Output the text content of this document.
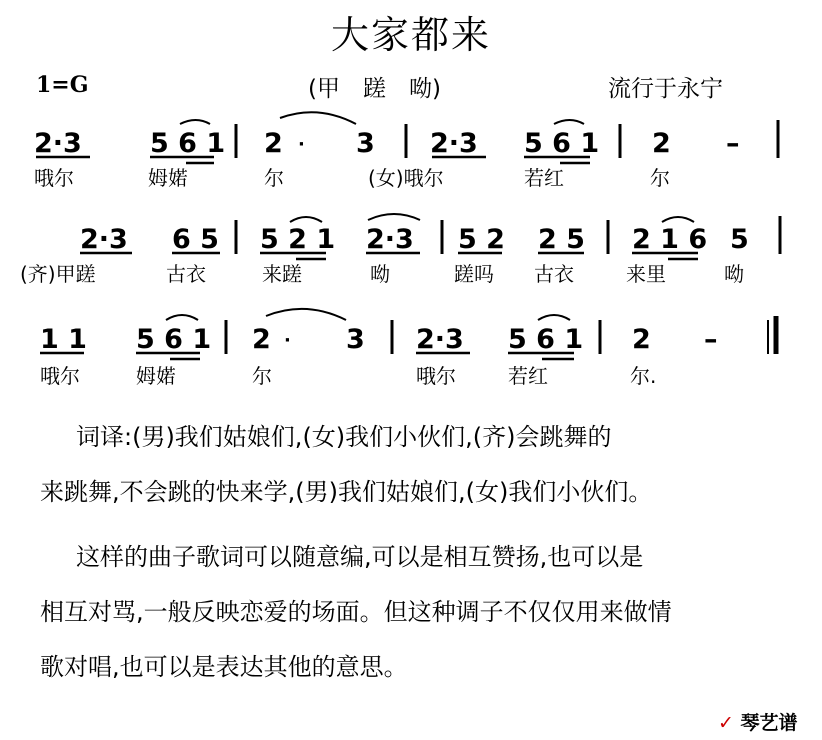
大家都来
1=G	(甲　蹉　呦)	流行于永宁
2·3	5 6 1 2 · 3 2·3 5 6 1 2 –
哦尔	姆婼	尔	(女)哦尔	若红	尔
2·3 6 5 5 2 1 2·3 5 2 2 5 2 1 6 5
(齐)甲蹉	古衣	来蹉	呦	蹉吗 古衣	来里	呦
1 1 5 6 1 2 · 3 2·3 5 6 1 2 –
哦尔	姆婼	尔	哦尔	若红	尔.
词译:(男)我们姑娘们,(女)我们小伙们,(齐)会跳舞的
来跳舞,不会跳的快来学,(男)我们姑娘们,(女)我们小伙们。
这样的曲子歌词可以随意编,可以是相互赞扬,也可以是
相互对骂,一般反映恋爱的场面。但这种调子不仅仅用来做情
歌对唱,也可以是表达其他的意思。
✓ 琴艺谱
